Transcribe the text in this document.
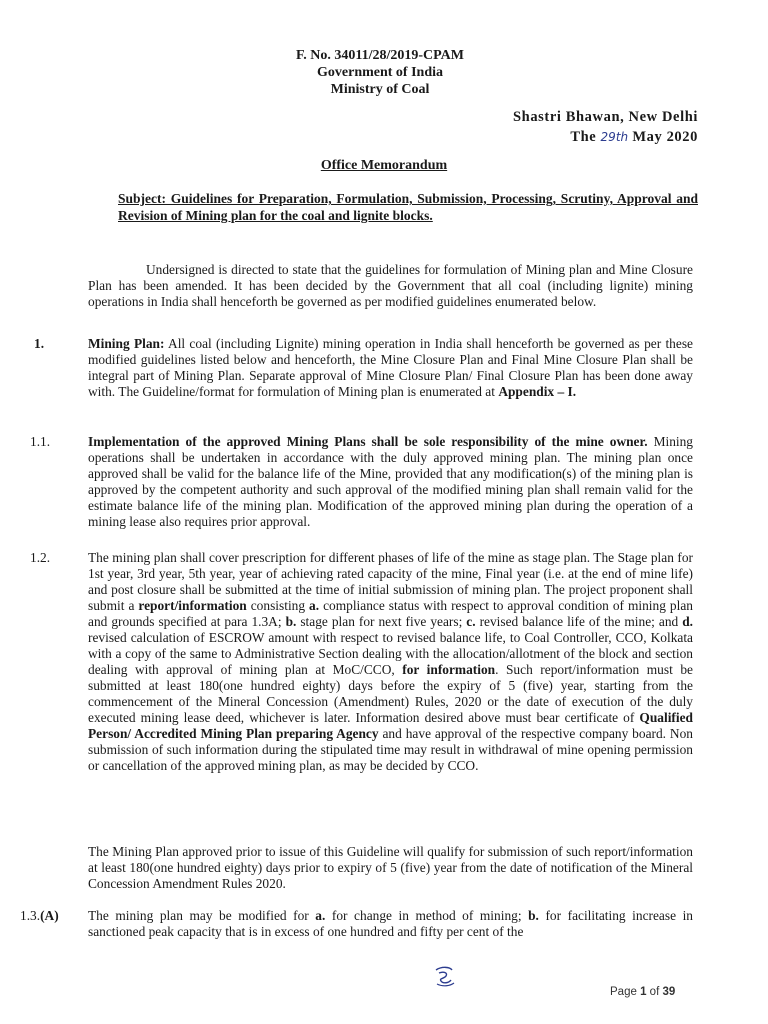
F. No. 34011/28/2019-CPAM
Government of India
Ministry of Coal
Shastri Bhawan, New Delhi
The 29th May 2020
Office Memorandum
Subject: Guidelines for Preparation, Formulation, Submission, Processing, Scrutiny, Approval and Revision of Mining plan for the coal and lignite blocks.
Undersigned is directed to state that the guidelines for formulation of Mining plan and Mine Closure Plan has been amended. It has been decided by the Government that all coal (including lignite) mining operations in India shall henceforth be governed as per modified guidelines enumerated below.
1.	Mining Plan: All coal (including Lignite) mining operation in India shall henceforth be governed as per these modified guidelines listed below and henceforth, the Mine Closure Plan and Final Mine Closure Plan shall be integral part of Mining Plan. Separate approval of Mine Closure Plan/ Final Closure Plan has been done away with. The Guideline/format for formulation of Mining plan is enumerated at Appendix – I.
1.1.	Implementation of the approved Mining Plans shall be sole responsibility of the mine owner. Mining operations shall be undertaken in accordance with the duly approved mining plan. The mining plan once approved shall be valid for the balance life of the Mine, provided that any modification(s) of the mining plan is approved by the competent authority and such approval of the modified mining plan shall remain valid for the estimate balance life of the mining plan. Modification of the approved mining plan during the operation of a mining lease also requires prior approval.
1.2.	The mining plan shall cover prescription for different phases of life of the mine as stage plan. The Stage plan for 1st year, 3rd year, 5th year, year of achieving rated capacity of the mine, Final year (i.e. at the end of mine life) and post closure shall be submitted at the time of initial submission of mining plan. The project proponent shall submit a report/information consisting a. compliance status with respect to approval condition of mining plan and grounds specified at para 1.3A; b. stage plan for next five years; c. revised balance life of the mine; and d. revised calculation of ESCROW amount with respect to revised balance life, to Coal Controller, CCO, Kolkata with a copy of the same to Administrative Section dealing with the allocation/allotment of the block and section dealing with approval of mining plan at MoC/CCO, for information. Such report/information must be submitted at least 180(one hundred eighty) days before the expiry of 5 (five) year, starting from the commencement of the Mineral Concession (Amendment) Rules, 2020 or the date of execution of the duly executed mining lease deed, whichever is later. Information desired above must bear certificate of Qualified Person/ Accredited Mining Plan preparing Agency and have approval of the respective company board. Non submission of such information during the stipulated time may result in withdrawal of mine opening permission or cancellation of the approved mining plan, as may be decided by CCO.
The Mining Plan approved prior to issue of this Guideline will qualify for submission of such report/information at least 180(one hundred eighty) days prior to expiry of 5 (five) year from the date of notification of the Mineral Concession Amendment Rules 2020.
1.3.(A) The mining plan may be modified for a. for change in method of mining; b. for facilitating increase in sanctioned peak capacity that is in excess of one hundred and fifty per cent of the
Page 1 of 39
